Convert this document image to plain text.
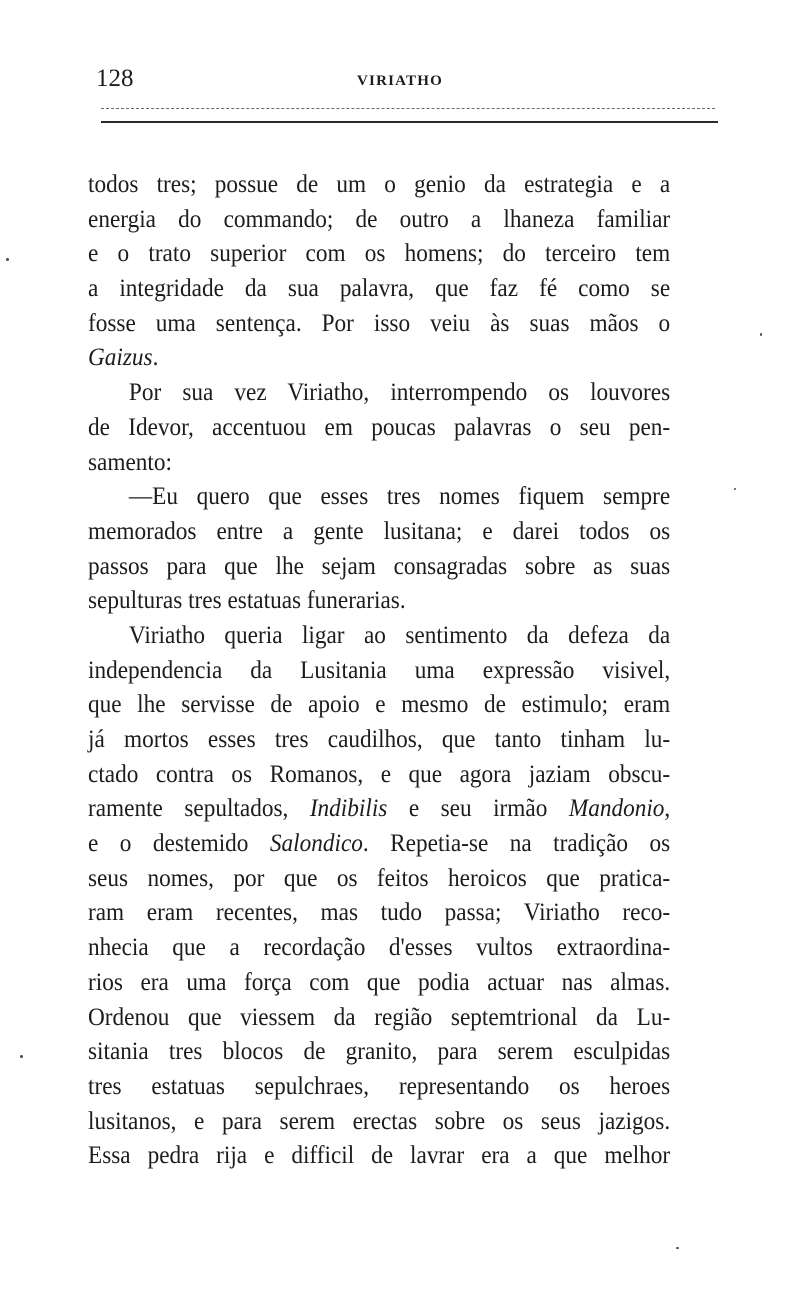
128	VIRIATHO
todos tres; possue de um o genio da estrategia e a
energia do commando; de outro a lhaneza familiar
e o trato superior com os homens; do terceiro tem
a integridade da sua palavra, que faz fé como se
fosse uma sentença. Por isso veiu às suas mãos o
Gaizus.
Por sua vez Viriatho, interrompendo os louvores
de Idevor, accentuou em poucas palavras o seu pen-
samento:
—Eu quero que esses tres nomes fiquem sempre
memorados entre a gente lusitana; e darei todos os
passos para que lhe sejam consagradas sobre as suas
sepulturas tres estatuas funerarias.
Viriatho queria ligar ao sentimento da defeza da
independencia da Lusitania uma expressão visivel,
que lhe servisse de apoio e mesmo de estimulo; eram
já mortos esses tres caudilhos, que tanto tinham lu-
ctado contra os Romanos, e que agora jaziam obscu-
ramente sepultados, Indibilis e seu irmão Mandonio,
e o destemido Salondico. Repetia-se na tradição os
seus nomes, por que os feitos heroicos que pratica-
ram eram recentes, mas tudo passa; Viriatho reco-
nhecia que a recordação d'esses vultos extraordina-
rios era uma força com que podia actuar nas almas.
Ordenou que viessem da região septemtrional da Lu-
sitania tres blocos de granito, para serem esculpidas
tres estatuas sepulchraes, representando os heroes
lusitanos, e para serem erectas sobre os seus jazigos.
Essa pedra rija e difficil de lavrar era a que melhor
